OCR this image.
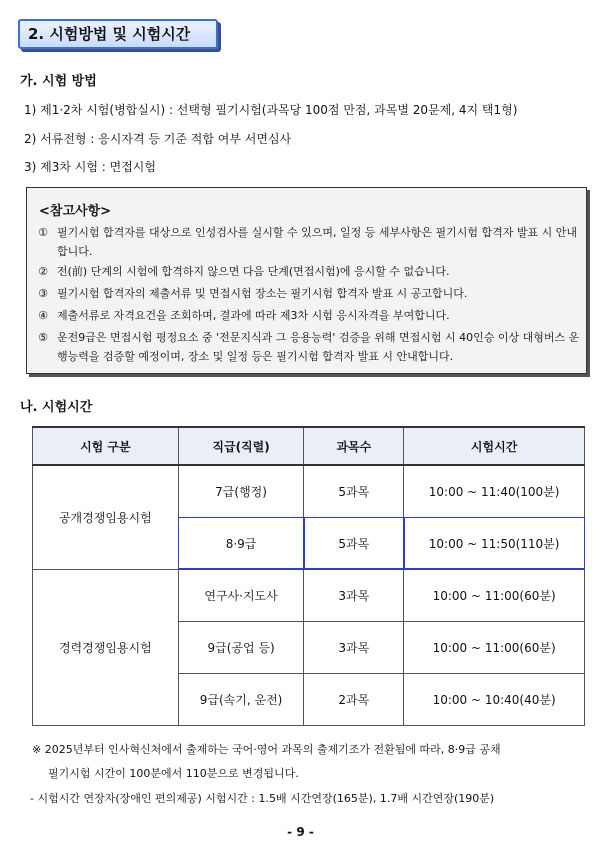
2. 시험방법 및 시험시간
가. 시험 방법
1) 제1·2차 시험(병합실시) : 선택형 필기시험(과목당 100점 만점, 과목별 20문제, 4지 택1형)
2) 서류전형 : 응시자격 등 기준 적합 여부 서면심사
3) 제3차 시험 : 면접시험
<참고사항>
① 필기시험 합격자를 대상으로 인성검사를 실시할 수 있으며, 일정 등 세부사항은 필기시험 합격자 발표 시 안내합니다.
② 전(前) 단계의 시험에 합격하지 않으면 다음 단계(면접시험)에 응시할 수 없습니다.
③ 필기시험 합격자의 제출서류 및 면접시험 장소는 필기시험 합격자 발표 시 공고합니다.
④ 제출서류로 자격요건을 조회하며, 결과에 따라 제3차 시험 응시자격을 부여합니다.
⑤ 운전9급은 면접시험 평정요소 중 '전문지식과 그 응용능력' 검증을 위해 면접시험 시 40인승 이상 대형버스 운행능력을 검증할 예정이며, 장소 및 일정 등은 필기시험 합격자 발표 시 안내합니다.
나. 시험시간
시험 구분	직급(직렬)	과목수	시험시간
공개경쟁임용시험	7급(행정)	5과목	10:00 ~ 11:40(100분)
	8·9급	5과목	10:00 ~ 11:50(110분)
경력경쟁임용시험	연구사·지도사	3과목	10:00 ~ 11:00(60분)
	9급(공업 등)	3과목	10:00 ~ 11:00(60분)
	9급(속기, 운전)	2과목	10:00 ~ 10:40(40분)
※ 2025년부터 인사혁신처에서 출제하는 국어·영어 과목의 출제기조가 전환됨에 따라, 8·9급 공채
필기시험 시간이 100분에서 110분으로 변경됩니다.
- 시험시간 연장자(장애인 편의제공) 시험시간 : 1.5배 시간연장(165분), 1.7배 시간연장(190분)
- 9 -
